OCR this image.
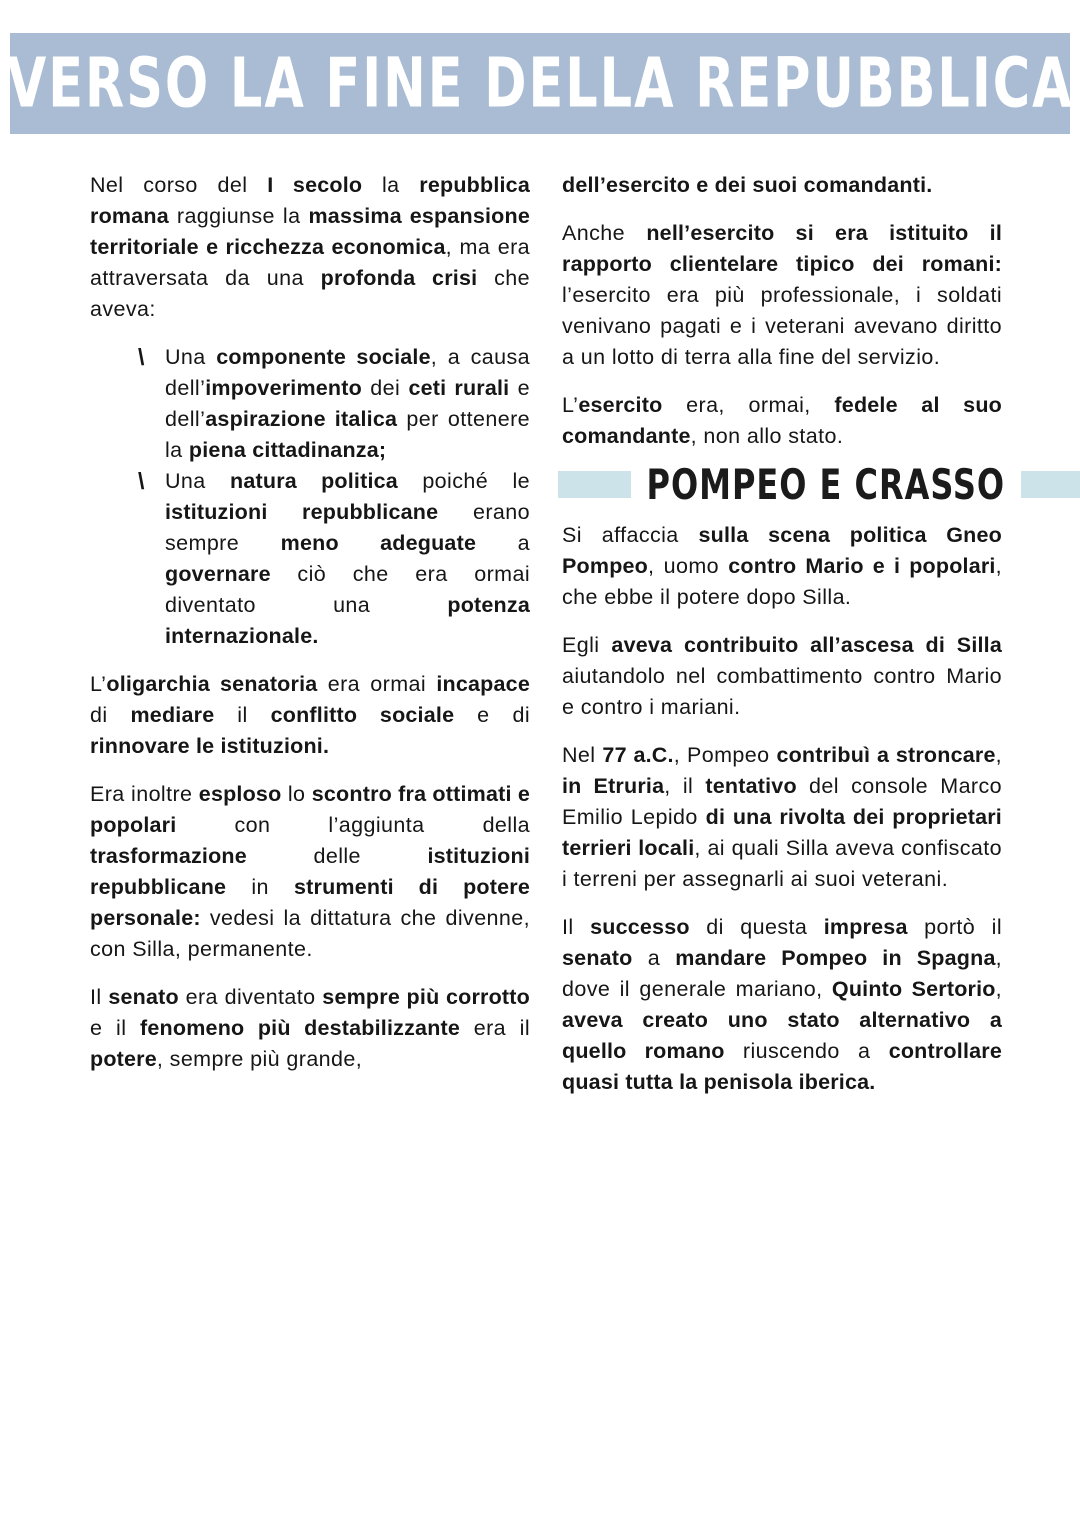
VERSO LA FINE DELLA REPUBBLICA

Nel corso del I secolo la repubblica romana raggiunse la massima espansione territoriale e ricchezza economica, ma era attraversata da una profonda crisi che aveva:

\ Una componente sociale, a causa dell’impoverimento dei ceti rurali e dell’aspirazione italica per ottenere la piena cittadinanza;
\ Una natura politica poiché le istituzioni repubblicane erano sempre meno adeguate a governare ciò che era ormai diventato una potenza internazionale.

L’oligarchia senatoria era ormai incapace di mediare il conflitto sociale e di rinnovare le istituzioni.

Era inoltre esploso lo scontro fra ottimati e popolari con l’aggiunta della trasformazione delle istituzioni repubblicane in strumenti di potere personale: vedesi la dittatura che divenne, con Silla, permanente.

Il senato era diventato sempre più corrotto e il fenomeno più destabilizzante era il potere, sempre più grande,

dell’esercito e dei suoi comandanti.

Anche nell’esercito si era istituito il rapporto clientelare tipico dei romani: l’esercito era più professionale, i soldati venivano pagati e i veterani avevano diritto a un lotto di terra alla fine del servizio.

L’esercito era, ormai, fedele al suo comandante, non allo stato.

POMPEO E CRASSO

Si affaccia sulla scena politica Gneo Pompeo, uomo contro Mario e i popolari, che ebbe il potere dopo Silla.

Egli aveva contribuito all’ascesa di Silla aiutandolo nel combattimento contro Mario e contro i mariani.

Nel 77 a.C., Pompeo contribuì a stroncare, in Etruria, il tentativo del console Marco Emilio Lepido di una rivolta dei proprietari terrieri locali, ai quali Silla aveva confiscato i terreni per assegnarli ai suoi veterani.

Il successo di questa impresa portò il senato a mandare Pompeo in Spagna, dove il generale mariano, Quinto Sertorio, aveva creato uno stato alternativo a quello romano riuscendo a controllare quasi tutta la penisola iberica.
